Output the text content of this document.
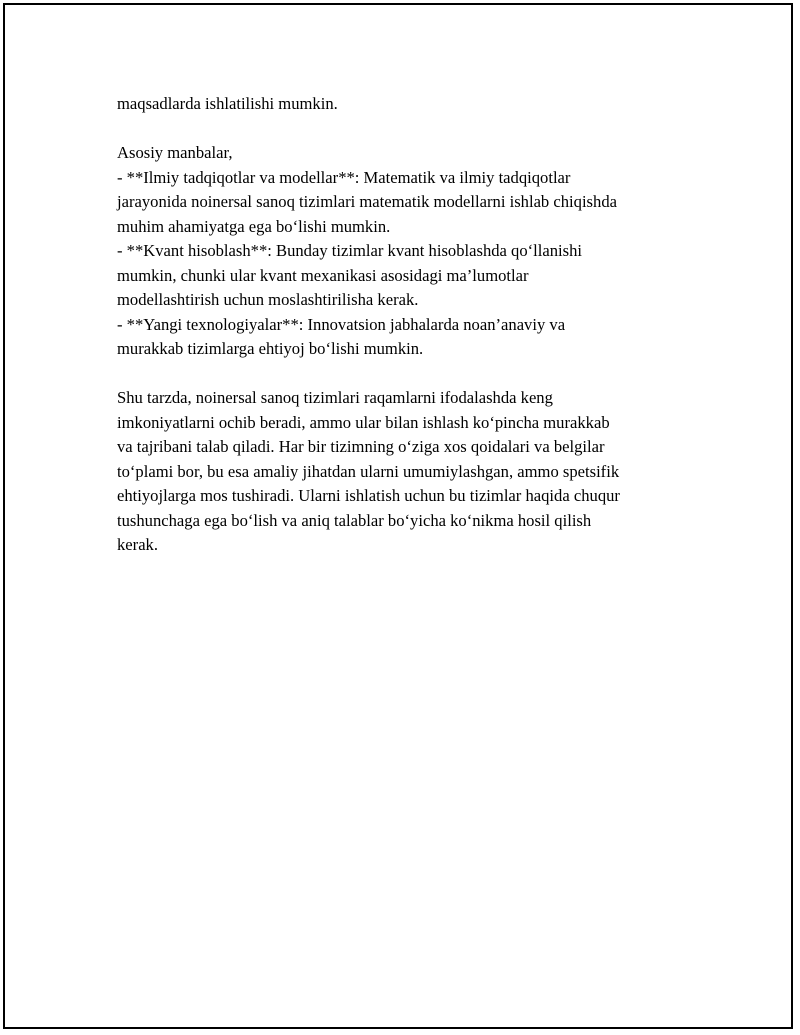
maqsadlarda ishlatilishi mumkin.

Asosiy manbalar,
- **Ilmiy tadqiqotlar va modellar**: Matematik va ilmiy tadqiqotlar
jarayonida noinersal sanoq tizimlari matematik modellarni ishlab chiqishda
muhim ahamiyatga ega bo‘lishi mumkin.
- **Kvant hisoblash**: Bunday tizimlar kvant hisoblashda qo‘llanishi
mumkin, chunki ular kvant mexanikasi asosidagi ma’lumotlar
modellashtirish uchun moslashtirilisha kerak.
- **Yangi texnologiyalar**: Innovatsion jabhalarda noan’anaviy va
murakkab tizimlarga ehtiyoj bo‘lishi mumkin.

Shu tarzda, noinersal sanoq tizimlari raqamlarni ifodalashda keng
imkoniyatlarni ochib beradi, ammo ular bilan ishlash ko‘pincha murakkab
va tajribani talab qiladi. Har bir tizimning o‘ziga xos qoidalari va belgilar
to‘plami bor, bu esa amaliy jihatdan ularni umumiylashgan, ammo spetsifik
ehtiyojlarga mos tushiradi. Ularni ishlatish uchun bu tizimlar haqida chuqur
tushunchaga ega bo‘lish va aniq talablar bo‘yicha ko‘nikma hosil qilish
kerak.
